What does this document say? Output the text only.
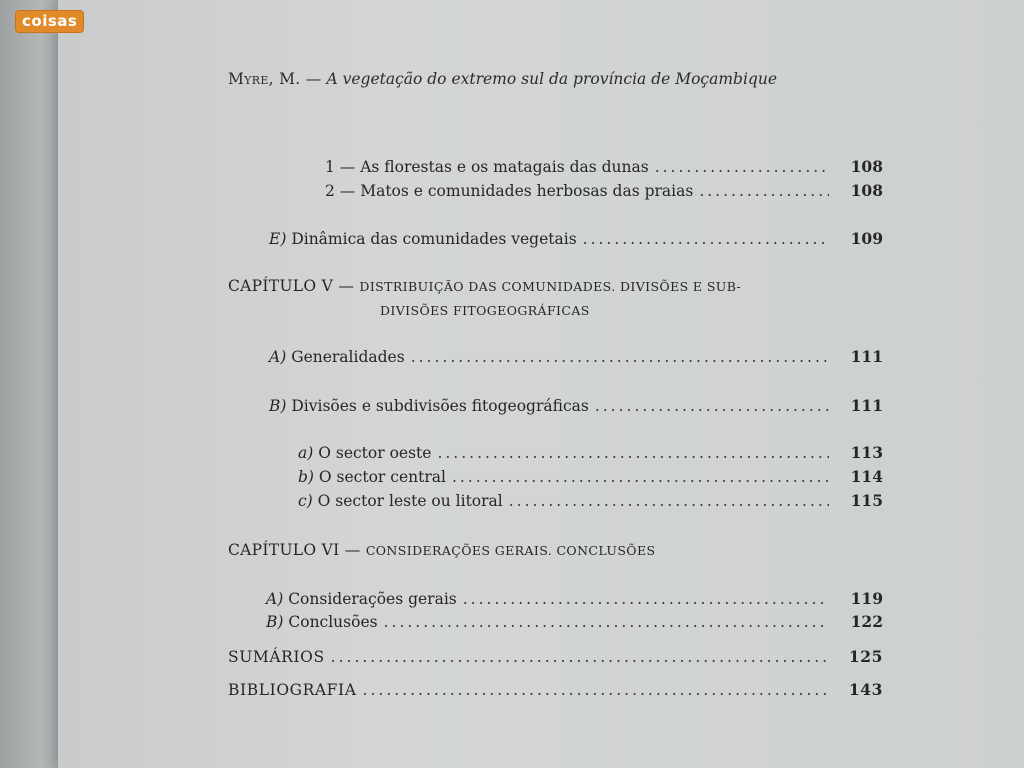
coisas
Myre, M. — A vegetação do extremo sul da província de Moçambique
1 — As florestas e os matagais das dunas .....	108
2 — Matos e comunidades herbosas das praias .....	108
E) Dinâmica das comunidades vegetais .....	109
CAPÍTULO V — DISTRIBUIÇÃO DAS COMUNIDADES. DIVISÕES E SUB-
DIVISÕES FITOGEOGRÁFICAS
A) Generalidades .....	111
B) Divisões e subdivisões fitogeográficas .....	111
a) O sector oeste .....	113
b) O sector central .....	114
c) O sector leste ou litoral .....	115
CAPÍTULO VI — CONSIDERAÇÕES GERAIS. CONCLUSÕES
A) Considerações gerais .....	119
B) Conclusões .....	122
SUMÁRIOS .....	125
BIBLIOGRAFIA .....	143
